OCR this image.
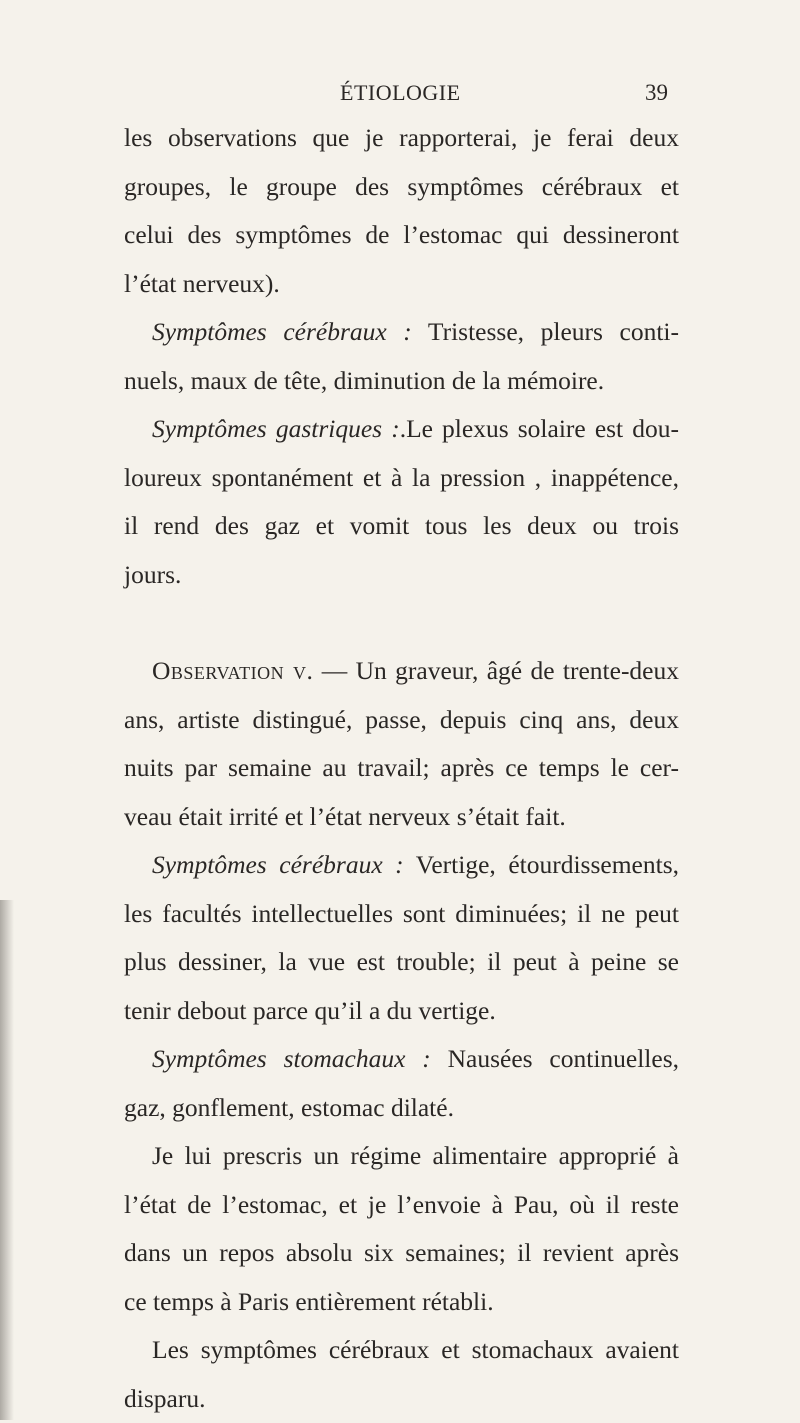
ÉTIOLOGIE	39
les observations que je rapporterai, je ferai deux
groupes, le groupe des symptômes cérébraux et
celui des symptômes de l’estomac qui dessineront
l’état nerveux).
Symptômes cérébraux : Tristesse, pleurs conti-
nuels, maux de tête, diminution de la mémoire.
Symptômes gastriques :.Le plexus solaire est dou-
loureux spontanément et à la pression , inappétence,
il rend des gaz et vomit tous les deux ou trois
jours.
Observation v. — Un graveur, âgé de trente-deux
ans, artiste distingué, passe, depuis cinq ans, deux
nuits par semaine au travail; après ce temps le cer-
veau était irrité et l’état nerveux s’était fait.
Symptômes cérébraux : Vertige, étourdissements,
les facultés intellectuelles sont diminuées; il ne peut
plus dessiner, la vue est trouble; il peut à peine se
tenir debout parce qu’il a du vertige.
Symptômes stomachaux : Nausées continuelles,
gaz, gonflement, estomac dilaté.
Je lui prescris un régime alimentaire approprié à
l’état de l’estomac, et je l’envoie à Pau, où il reste
dans un repos absolu six semaines; il revient après
ce temps à Paris entièrement rétabli.
Les symptômes cérébraux et stomachaux avaient
disparu.
